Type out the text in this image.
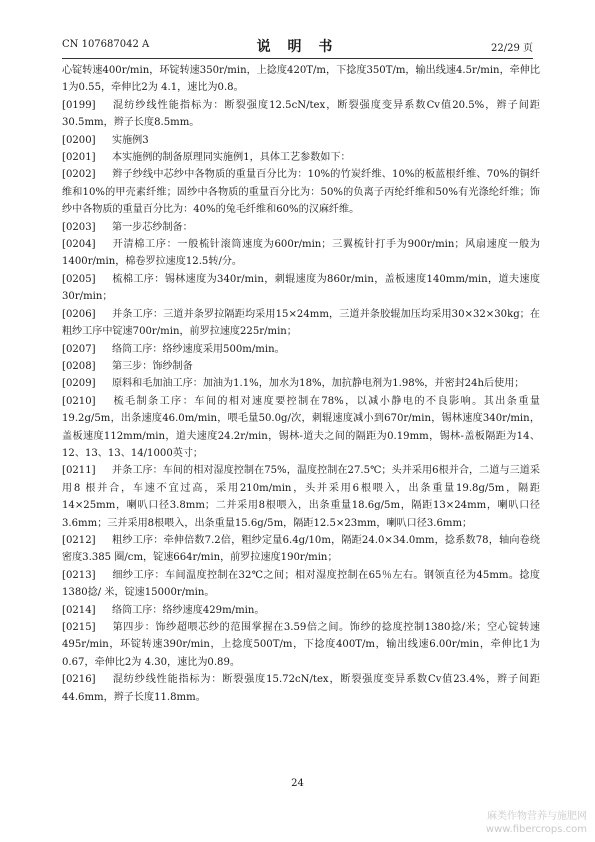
CN 107687042 A	说 明 书	22/29 页

心锭转速400r/min，环锭转速350r/min，上捻度420T/m，下捻度350T/m，输出线速4.5r/min，牵伸比1为0.55，牵伸比2为 4.1，速比为0.8。

[0199] 混纺纱线性能指标为：断裂强度12.5cN/tex，断裂强度变异系数Cv值20.5%，辫子间距30.5mm，辫子长度8.5mm。

[0200] 实施例3

[0201] 本实施例的制备原理同实施例1，具体工艺参数如下：

[0202] 辫子纱线中芯纱中各物质的重量百分比为：10%的竹炭纤维、10%的板蓝根纤维、70%的铜纤维和10%的甲壳素纤维；固纱中各物质的重量百分比为：50%的负离子丙纶纤维和50%有光涤纶纤维；饰纱中各物质的重量百分比为：40%的兔毛纤维和60%的汉麻纤维。

[0203] 第一步芯纱制备：

[0204] 开清棉工序：一般梳针滚筒速度为600r/min；三翼梳针打手为900r/min；风扇速度一般为1400r/min，棉卷罗拉速度12.5转/分。

[0205] 梳棉工序：锡林速度为340r/min，刺辊速度为860r/min，盖板速度140mm/min，道夫速度30r/min；

[0206] 并条工序：三道并条罗拉隔距均采用15×24mm，三道并条胶辊加压均采用30×32×30kg；在粗纱工序中锭速700r/min，前罗拉速度225r/min；

[0207] 络筒工序：络纱速度采用500m/min。

[0208] 第三步：饰纱制备

[0209] 原料和毛加油工序：加油为1.1%，加水为18%，加抗静电剂为1.98%，并密封24h后使用；

[0210] 梳毛制条工序：车间的相对速度要控制在78%，以减小静电的不良影响。其出条重量19.2g/5m，出条速度46.0m/min，喂毛量50.0g/次，刺辊速度减小到670r/min，锡林速度340r/min，盖板速度112mm/min，道夫速度24.2r/min，锡林-道夫之间的隔距为0.19mm，锡林-盖板隔距为14、12、13、13、14/1000英寸；

[0211] 并条工序：车间的相对湿度控制在75%，温度控制在27.5℃；头并采用6根并合，二道与三道采用8 根并合，车速不宜过高，采用210m/min，头并采用6根喂入，出条重量19.8g/5m，隔距14×25mm，喇叭口径3.8mm；二并采用8根喂入，出条重量18.6g/5m，隔距13×24mm，喇叭口径3.6mm；三并采用8根喂入，出条重量15.6g/5m，隔距12.5×23mm，喇叭口径3.6mm；

[0212] 粗纱工序：牵伸倍数7.2倍，粗纱定量6.4g/10m，隔距24.0×34.0mm，捻系数78，轴向卷绕密度3.385 圈/cm，锭速664r/min，前罗拉速度190r/min；

[0213] 细纱工序：车间温度控制在32℃之间；相对湿度控制在65％左右。钢领直径为45mm。捻度1380捻/ 米，锭速15000r/min。

[0214] 络筒工序：络纱速度429m/min。

[0215] 第四步：饰纱超喂芯纱的范围掌握在3.59倍之间。饰纱的捻度控制1380捻/米；空心锭转速495r/min，环锭转速390r/min，上捻度500T/m，下捻度400T/m，输出线速6.00r/min，牵伸比1为0.67，牵伸比2为 4.30，速比为0.89。

[0216] 混纺纱线性能指标为：断裂强度15.72cN/tex，断裂强度变异系数Cv值23.4%，辫子间距44.6mm，辫子长度11.8mm。

24
麻类作物营养与施肥网
www.fibercrops.com
